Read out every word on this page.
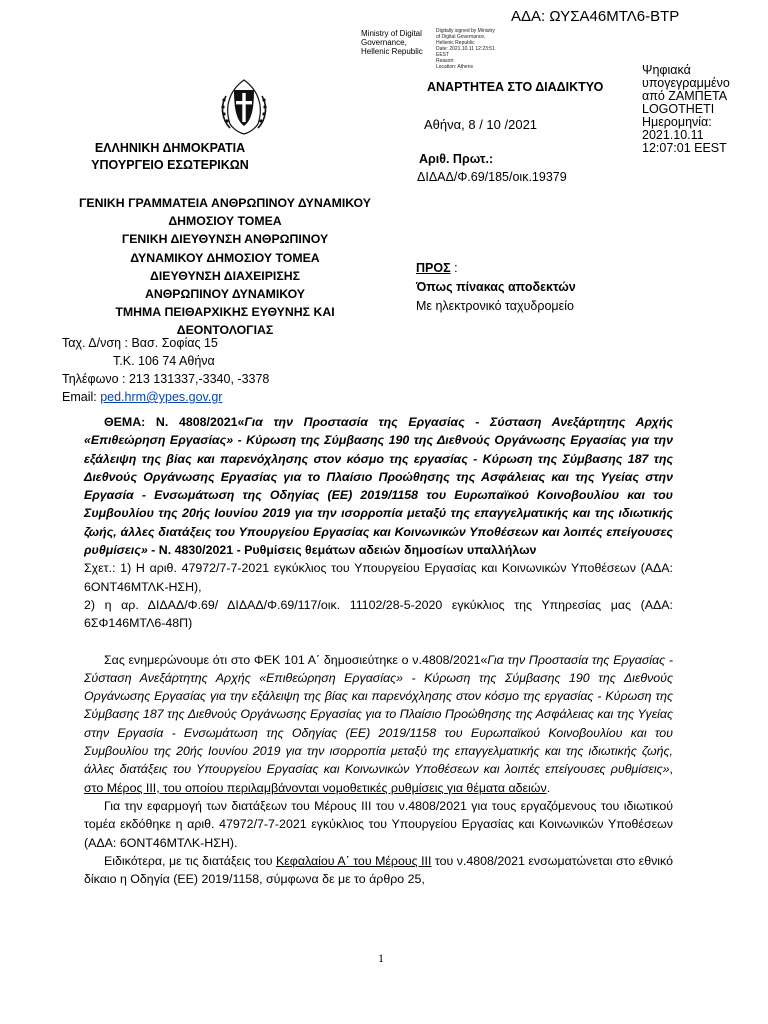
ΑΔΑ: ΩΥΣΑ46ΜΤΛ6-ΒΤΡ
Ministry of Digital
Governance,
Hellenic Republic
Digitally signed by Ministry
of Digital Governance,
Hellenic Republic
Date: 2021.10.11 12:23:51
EEST
Reason:
Location: Athens	Ψηφιακά
υπογεγραμμένο
από ΖΑΜΠΕΤΑ
LOGOTHETI
Ημερομηνία:
2021.10.11
12:07:01 EEST
ΕΛΛΗΝΙΚΗ ΔΗΜΟΚΡΑΤΙΑ
ΥΠΟΥΡΓΕΙΟ ΕΣΩΤΕΡΙΚΩΝ
ΑΝΑΡΤΗΤΕΑ ΣΤΟ ΔΙΑΔΙΚΤΥΟ
Αθήνα, 8 / 10 /2021
Αριθ. Πρωτ.:
ΔΙΔΑΔ/Φ.69/185/οικ.19379
ΓΕΝΙΚΗ ΓΡΑΜΜΑΤΕΙΑ ΑΝΘΡΩΠΙΝΟΥ ΔΥΝΑΜΙΚΟΥ
ΔΗΜΟΣΙΟΥ ΤΟΜΕΑ
ΓΕΝΙΚΗ ΔΙΕΥΘΥΝΣΗ ΑΝΘΡΩΠΙΝΟΥ
ΔΥΝΑΜΙΚΟΥ ΔΗΜΟΣΙΟΥ ΤΟΜΕΑ
ΔΙΕΥΘΥΝΣΗ ΔΙΑΧΕΙΡΙΣΗΣ
ΑΝΘΡΩΠΙΝΟΥ ΔΥΝΑΜΙΚΟΥ
ΤΜΗΜΑ ΠΕΙΘΑΡΧΙΚΗΣ ΕΥΘΥΝΗΣ ΚΑΙ
ΔΕΟΝΤΟΛΟΓΙΑΣ
Ταχ. Δ/νση : Βασ. Σοφίας 15
Τ.Κ. 106 74 Αθήνα
Τηλέφωνο : 213 131337,-3340, -3378
Email: ped.hrm@ypes.gov.gr
ΠΡΟΣ :
Όπως πίνακας αποδεκτών
Με ηλεκτρονικό ταχυδρομείο

ΘΕΜΑ: Ν. 4808/2021«Για την Προστασία της Εργασίας - Σύσταση Ανεξάρτητης Αρχής «Επιθεώρηση Εργασίας» - Κύρωση της Σύμβασης 190 της Διεθνούς Οργάνωσης Εργασίας για την εξάλειψη της βίας και παρενόχλησης στον κόσμο της εργασίας - Κύρωση της Σύμβασης 187 της Διεθνούς Οργάνωσης Εργασίας για το Πλαίσιο Προώθησης της Ασφάλειας και της Υγείας στην Εργασία - Ενσωμάτωση της Οδηγίας (ΕΕ) 2019/1158 του Ευρωπαϊκού Κοινοβουλίου και του Συμβουλίου της 20ής Ιουνίου 2019 για την ισορροπία μεταξύ της επαγγελματικής και της ιδιωτικής ζωής, άλλες διατάξεις του Υπουργείου Εργασίας και Κοινωνικών Υποθέσεων και λοιπές επείγουσες ρυθμίσεις» - Ν. 4830/2021 - Ρυθμίσεις θεμάτων αδειών δημοσίων υπαλλήλων

Σχετ.: 1) Η αριθ. 47972/7-7-2021 εγκύκλιος του Υπουργείου Εργασίας και Κοινωνικών Υποθέσεων (ΑΔΑ: 6ΟΝΤ46ΜΤΛΚ-ΗΣΗ),

2) η αρ. ΔΙΔΑΔ/Φ.69/ ΔΙΔΑΔ/Φ.69/117/οικ. 11102/28-5-2020 εγκύκλιος της Υπηρεσίας μας (ΑΔΑ: 6ΣΦ146ΜΤΛ6-48Π)

Σας ενημερώνουμε ότι στο ΦΕΚ 101 Α΄ δημοσιεύτηκε ο ν.4808/2021«Για την Προστασία της Εργασίας - Σύσταση Ανεξάρτητης Αρχής «Επιθεώρηση Εργασίας» - Κύρωση της Σύμβασης 190 της Διεθνούς Οργάνωσης Εργασίας για την εξάλειψη της βίας και παρενόχλησης στον κόσμο της εργασίας - Κύρωση της Σύμβασης 187 της Διεθνούς Οργάνωσης Εργασίας για το Πλαίσιο Προώθησης της Ασφάλειας και της Υγείας στην Εργασία - Ενσωμάτωση της Οδηγίας (ΕΕ) 2019/1158 του Ευρωπαϊκού Κοινοβουλίου και του Συμβουλίου της 20ής Ιουνίου 2019 για την ισορροπία μεταξύ της επαγγελματικής και της ιδιωτικής ζωής, άλλες διατάξεις του Υπουργείου Εργασίας και Κοινωνικών Υποθέσεων και λοιπές επείγουσες ρυθμίσεις», στο Μέρος ΙΙΙ, του οποίου περιλαμβάνονται νομοθετικές ρυθμίσεις για θέματα αδειών.

Για την εφαρμογή των διατάξεων του Μέρους ΙΙΙ του ν.4808/2021 για τους εργαζόμενους του ιδιωτικού τομέα εκδόθηκε η αριθ. 47972/7-7-2021 εγκύκλιος του Υπουργείου Εργασίας και Κοινωνικών Υποθέσεων (ΑΔΑ: 6ΟΝΤ46ΜΤΛΚ-ΗΣΗ).

Ειδικότερα, με τις διατάξεις του Κεφαλαίου Α΄ του Μέρους ΙΙΙ του ν.4808/2021 ενσωματώνεται στο εθνικό δίκαιο η Οδηγία (ΕΕ) 2019/1158, σύμφωνα δε με το άρθρο 25,

1
